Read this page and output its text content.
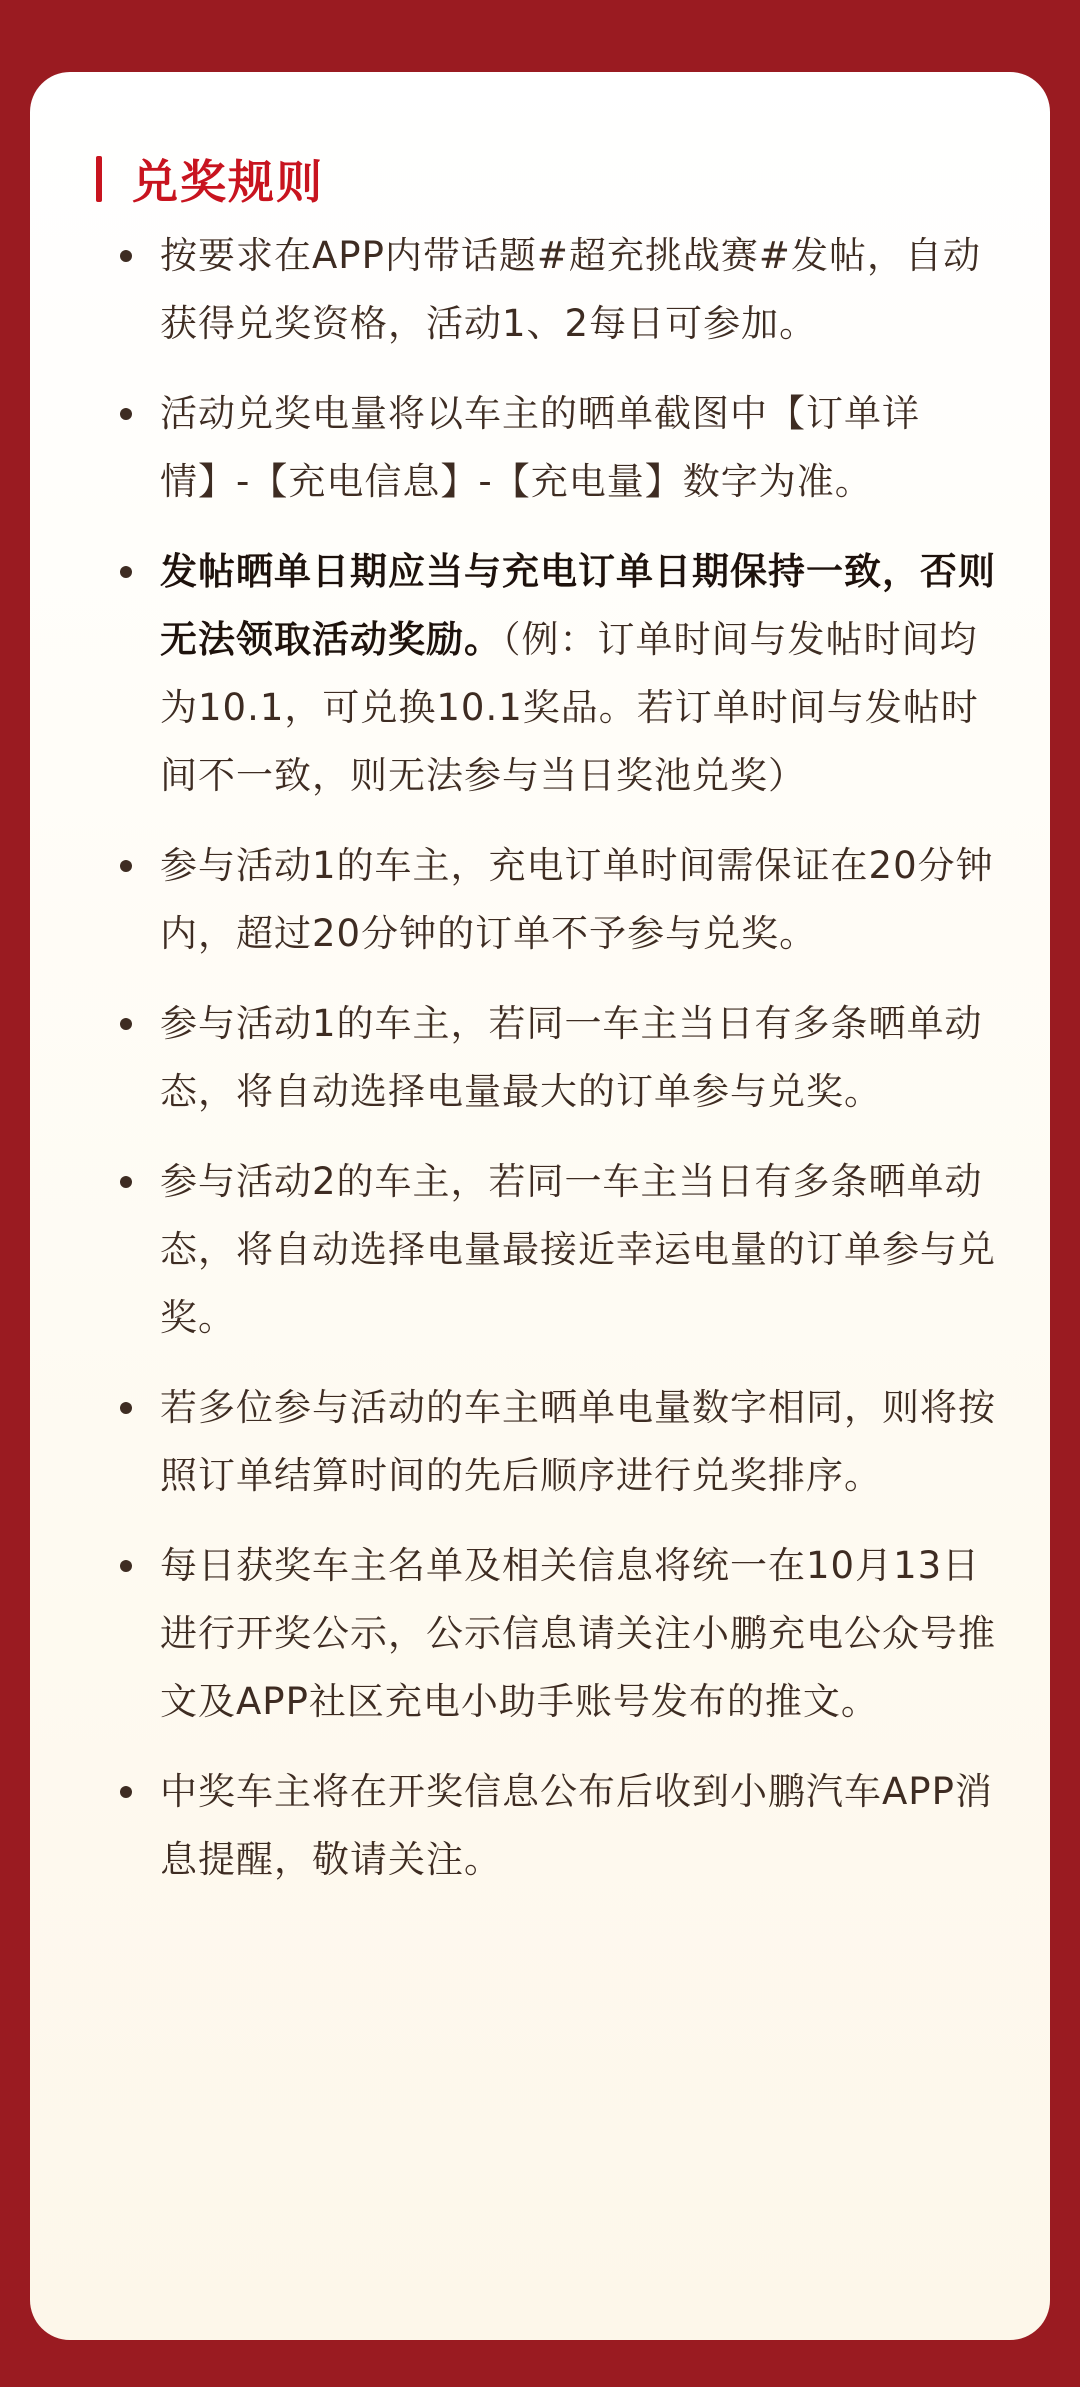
兑奖规则
按要求在APP内带话题#超充挑战赛#发帖，自动获得兑奖资格，活动1、2每日可参加。
活动兑奖电量将以车主的晒单截图中【订单详情】-【充电信息】-【充电量】数字为准。
发帖晒单日期应当与充电订单日期保持一致，否则无法领取活动奖励。（例：订单时间与发帖时间均为10.1，可兑换10.1奖品。若订单时间与发帖时间不一致，则无法参与当日奖池兑奖）
参与活动1的车主，充电订单时间需保证在20分钟内，超过20分钟的订单不予参与兑奖。
参与活动1的车主，若同一车主当日有多条晒单动态，将自动选择电量最大的订单参与兑奖。
参与活动2的车主，若同一车主当日有多条晒单动态，将自动选择电量最接近幸运电量的订单参与兑奖。
若多位参与活动的车主晒单电量数字相同，则将按照订单结算时间的先后顺序进行兑奖排序。
每日获奖车主名单及相关信息将统一在10月13日进行开奖公示，公示信息请关注小鹏充电公众号推文及APP社区充电小助手账号发布的推文。
中奖车主将在开奖信息公布后收到小鹏汽车APP消息提醒，敬请关注。
